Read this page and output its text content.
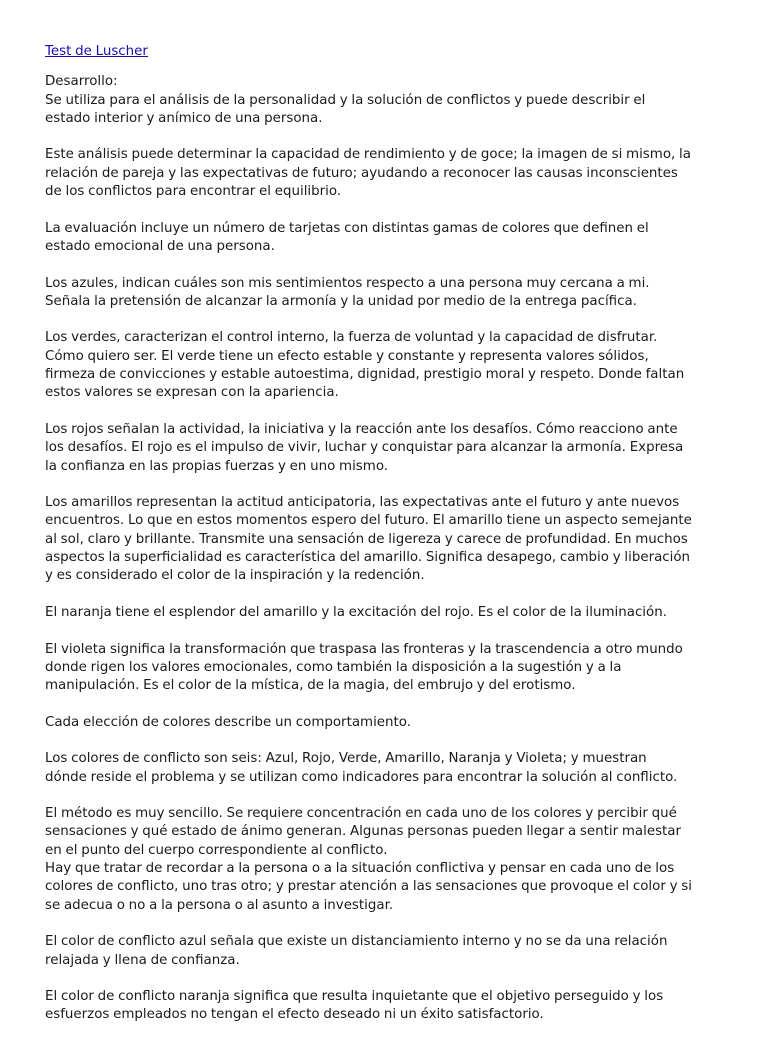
Test de Luscher
Desarrollo:

Se utiliza para el análisis de la personalidad y la solución de conflictos y puede describir el
estado interior y anímico de una persona.

Este análisis puede determinar la capacidad de rendimiento y de goce; la imagen de si mismo, la
relación de pareja y las expectativas de futuro; ayudando a reconocer las causas inconscientes
de los conflictos para encontrar el equilibrio.

La evaluación incluye un número de tarjetas con distintas gamas de colores que definen el
estado emocional de una persona.

Los azules, indican cuáles son mis sentimientos respecto a una persona muy cercana a mi.
Señala la pretensión de alcanzar la armonía y la unidad por medio de la entrega pacífica.

Los verdes, caracterizan el control interno, la fuerza de voluntad y la capacidad de disfrutar.
Cómo quiero ser. El verde tiene un efecto estable y constante y representa valores sólidos,
firmeza de convicciones y estable autoestima, dignidad, prestigio moral y respeto. Donde faltan
estos valores se expresan con la apariencia.

Los rojos señalan la actividad, la iniciativa y la reacción ante los desafíos. Cómo reacciono ante
los desafíos. El rojo es el impulso de vivir, luchar y conquistar para alcanzar la armonía. Expresa
la confianza en las propias fuerzas y en uno mismo.

Los amarillos representan la actitud anticipatoria, las expectativas ante el futuro y ante nuevos
encuentros. Lo que en estos momentos espero del futuro. El amarillo tiene un aspecto semejante
al sol, claro y brillante. Transmite una sensación de ligereza y carece de profundidad. En muchos
aspectos la superficialidad es característica del amarillo. Significa desapego, cambio y liberación
y es considerado el color de la inspiración y la redención.

El naranja tiene el esplendor del amarillo y la excitación del rojo. Es el color de la iluminación.

El violeta significa la transformación que traspasa las fronteras y la trascendencia a otro mundo
donde rigen los valores emocionales, como también la disposición a la sugestión y a la
manipulación. Es el color de la mística, de la magia, del embrujo y del erotismo.

Cada elección de colores describe un comportamiento.

Los colores de conflicto son seis: Azul, Rojo, Verde, Amarillo, Naranja y Violeta; y muestran
dónde reside el problema y se utilizan como indicadores para encontrar la solución al conflicto.

El método es muy sencillo. Se requiere concentración en cada uno de los colores y percibir qué
sensaciones y qué estado de ánimo generan. Algunas personas pueden llegar a sentir malestar
en el punto del cuerpo correspondiente al conflicto.

Hay que tratar de recordar a la persona o a la situación conflictiva y pensar en cada uno de los
colores de conflicto, uno tras otro; y prestar atención a las sensaciones que provoque el color y si
se adecua o no a la persona o al asunto a investigar.

El color de conflicto azul señala que existe un distanciamiento interno y no se da una relación
relajada y llena de confianza.

El color de conflicto naranja significa que resulta inquietante que el objetivo perseguido y los
esfuerzos empleados no tengan el efecto deseado ni un éxito satisfactorio.
